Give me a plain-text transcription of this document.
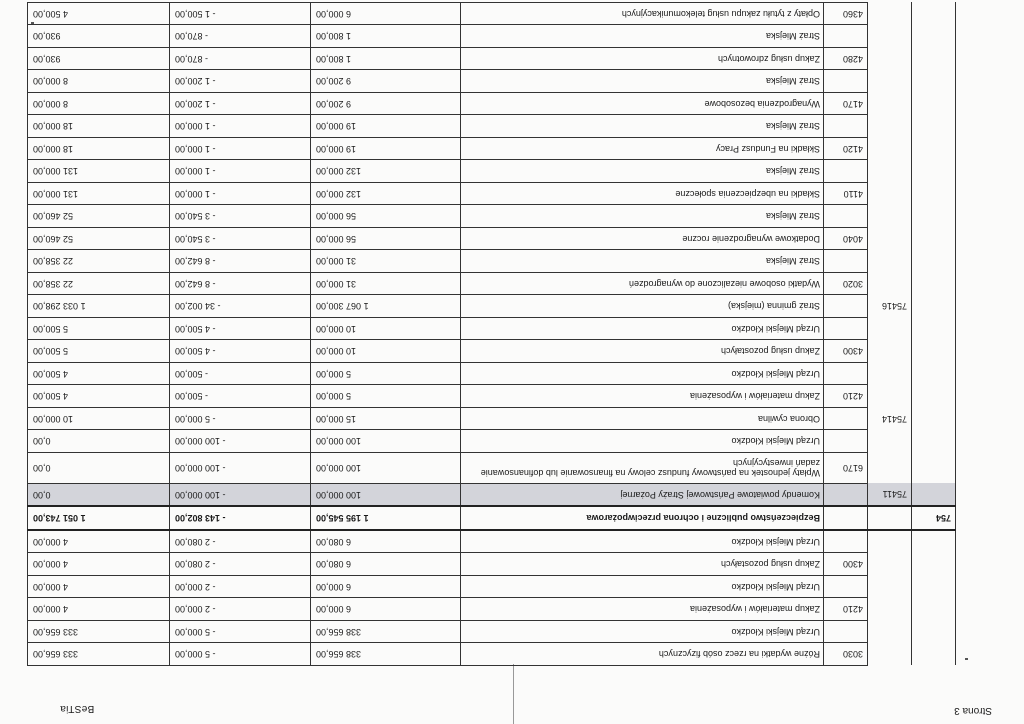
BeSTia	Strona 3
		3030	Różne wydatki na rzecz osób fizycznych	338 656,00	- 5 000,00	333 656,00
			Urząd Miejski Kłodzko	338 656,00	- 5 000,00	333 656,00
		4210	Zakup materiałów i wyposażenia	6 000,00	- 2 000,00	4 000,00
			Urząd Miejski Kłodzko	6 000,00	- 2 000,00	4 000,00
		4300	Zakup usług pozostałych	6 080,00	- 2 080,00	4 000,00
			Urząd Miejski Kłodzko	6 080,00	- 2 080,00	4 000,00
754			Bezpieczeństwo publiczne i ochrona przeciwpożarowa	1 195 545,00	- 143 802,00	1 051 743,00
	75411		Komendy powiatowe Państwowej Straży Pożarnej	100 000,00	- 100 000,00	0,00
		6170	Wpłaty jednostek na państwowy fundusz celowy na finansowanie lub dofinansowanie zadań inwestycyjnych	100 000,00	- 100 000,00	0,00
			Urząd Miejski Kłodzko	100 000,00	- 100 000,00	0,00
	75414		Obrona cywilna	15 000,00	- 5 000,00	10 000,00
		4210	Zakup materiałów i wyposażenia	5 000,00	- 500,00	4 500,00
			Urząd Miejski Kłodzko	5 000,00	- 500,00	4 500,00
		4300	Zakup usług pozostałych	10 000,00	- 4 500,00	5 500,00
			Urząd Miejski Kłodzko	10 000,00	- 4 500,00	5 500,00
	75416		Straż gminna (miejska)	1 067 300,00	- 34 002,00	1 033 298,00
		3020	Wydatki osobowe niezaliczone do wynagrodzeń	31 000,00	- 8 642,00	22 358,00
			Straż Miejska	31 000,00	- 8 642,00	22 358,00
		4040	Dodatkowe wynagrodzenie roczne	56 000,00	- 3 540,00	52 460,00
			Straż Miejska	56 000,00	- 3 540,00	52 460,00
		4110	Składki na ubezpieczenia społeczne	132 000,00	- 1 000,00	131 000,00
			Straż Miejska	132 000,00	- 1 000,00	131 000,00
		4120	Składki na Fundusz Pracy	19 000,00	- 1 000,00	18 000,00
			Straż Miejska	19 000,00	- 1 000,00	18 000,00
		4170	Wynagrodzenia bezosobowe	9 200,00	- 1 200,00	8 000,00
			Straż Miejska	9 200,00	- 1 200,00	8 000,00
		4280	Zakup usług zdrowotnych	1 800,00	- 870,00	930,00
			Straż Miejska	1 800,00	- 870,00	930,00
		4360	Opłaty z tytułu zakupu usług telekomunikacyjnych	6 000,00	- 1 500,00	4 500,00
